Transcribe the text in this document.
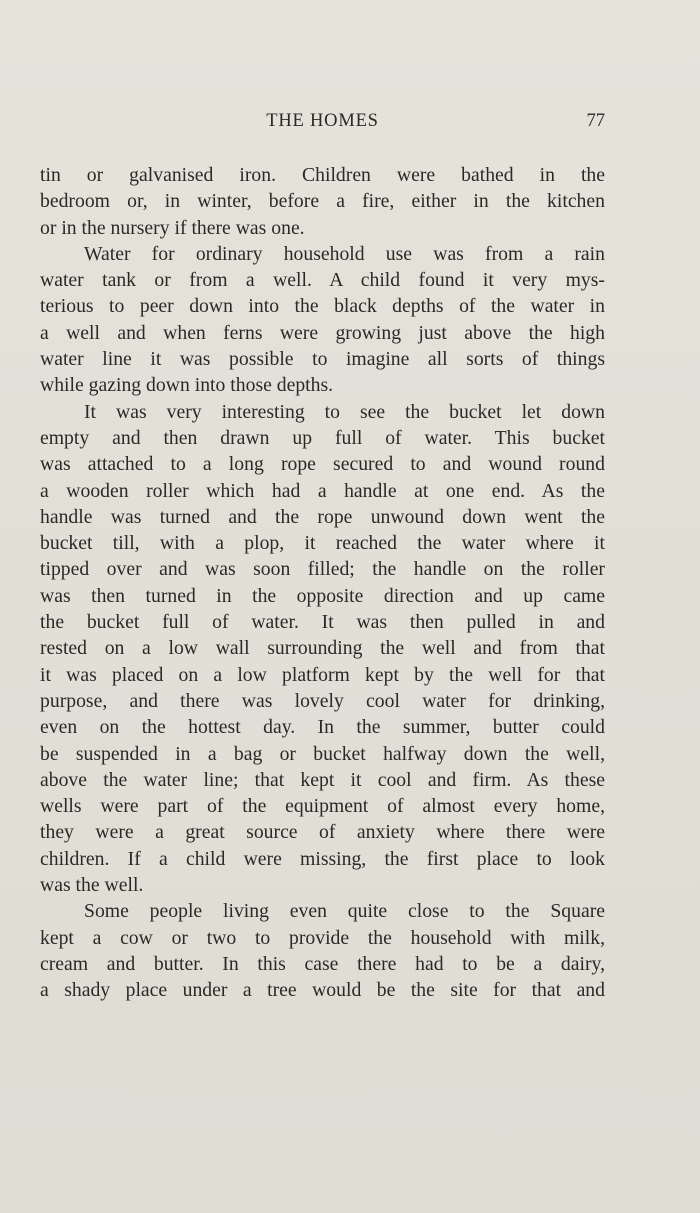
THE HOMES	77
tin or galvanised iron. Children were bathed in the
bedroom or, in winter, before a fire, either in the kitchen
or in the nursery if there was one.
Water for ordinary household use was from a rain
water tank or from a well. A child found it very mys-
terious to peer down into the black depths of the water in
a well and when ferns were growing just above the high
water line it was possible to imagine all sorts of things
while gazing down into those depths.
It was very interesting to see the bucket let down
empty and then drawn up full of water. This bucket
was attached to a long rope secured to and wound round
a wooden roller which had a handle at one end. As the
handle was turned and the rope unwound down went the
bucket till, with a plop, it reached the water where it
tipped over and was soon filled; the handle on the roller
was then turned in the opposite direction and up came
the bucket full of water. It was then pulled in and
rested on a low wall surrounding the well and from that
it was placed on a low platform kept by the well for that
purpose, and there was lovely cool water for drinking,
even on the hottest day. In the summer, butter could
be suspended in a bag or bucket halfway down the well,
above the water line; that kept it cool and firm. As these
wells were part of the equipment of almost every home,
they were a great source of anxiety where there were
children. If a child were missing, the first place to look
was the well.
Some people living even quite close to the Square
kept a cow or two to provide the household with milk,
cream and butter. In this case there had to be a dairy,
a shady place under a tree would be the site for that and
